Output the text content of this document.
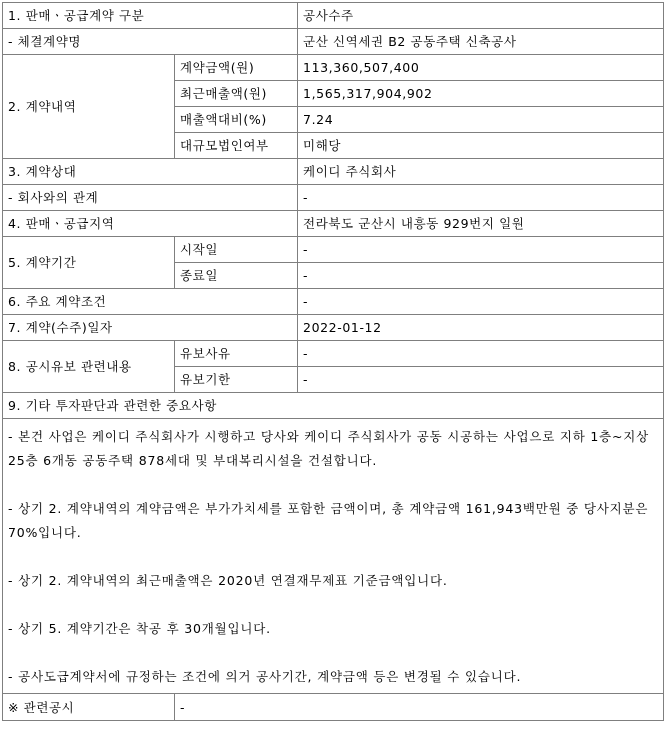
1. 판매ㆍ공급계약 구분		공사수주
- 체결계약명		군산 신역세권 B2 공동주택 신축공사
2. 계약내역	계약금액(원)	113,360,507,400
	최근매출액(원)	1,565,317,904,902
	매출액대비(%)	7.24
	대규모법인여부	미해당
3. 계약상대		케이디 주식회사
- 회사와의 관계		-
4. 판매ㆍ공급지역		전라북도 군산시 내흥동 929번지 일원
5. 계약기간	시작일	-
	종료일	-
6. 주요 계약조건		-
7. 계약(수주)일자		2022-01-12
8. 공시유보 관련내용	유보사유	-
	유보기한	-
9. 기타 투자판단과 관련한 중요사항		

- 본건 사업은 케이디 주식회사가 시행하고 당사와 케이디 주식회사가 공동 시공하는 사업으로 지하 1층~지상 25층 6개동 공동주택 878세대 및 부대복리시설을 건설합니다.
- 상기 2. 계약내역의 계약금액은 부가가치세를 포함한 금액이며, 총 계약금액 161,943백만원 중 당사지분은 70%입니다.
- 상기 2. 계약내역의 최근매출액은 2020년 연결재무제표 기준금액입니다.
- 상기 5. 계약기간은 착공 후 30개월입니다.
- 공사도급계약서에 규정하는 조건에 의거 공사기간, 계약금액 등은 변경될 수 있습니다.		

※ 관련공시	-	
